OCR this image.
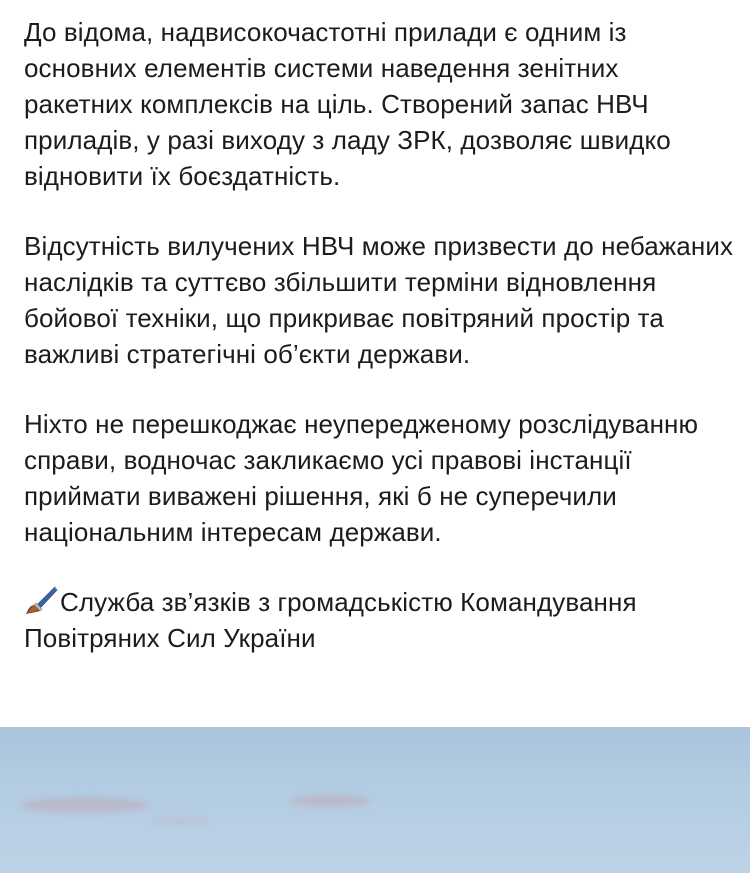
До відома, надвисокочастотні прилади є одним із основних елементів системи наведення зенітних ракетних комплексів на ціль. Створений запас НВЧ приладів, у разі виходу з ладу ЗРК, дозволяє швидко відновити їх боєздатність.

Відсутність вилучених НВЧ може призвести до небажаних наслідків та суттєво збільшити терміни відновлення бойової техніки, що прикриває повітряний простір та важливі стратегічні об’єкти держави.

Ніхто не перешкоджає неупередженому розслідуванню справи, водночас закликаємо усі правові інстанції приймати виважені рішення, які б не суперечили національним інтересам держави.

Служба зв’язків з громадськістю Командування
Повітряних Сил України
